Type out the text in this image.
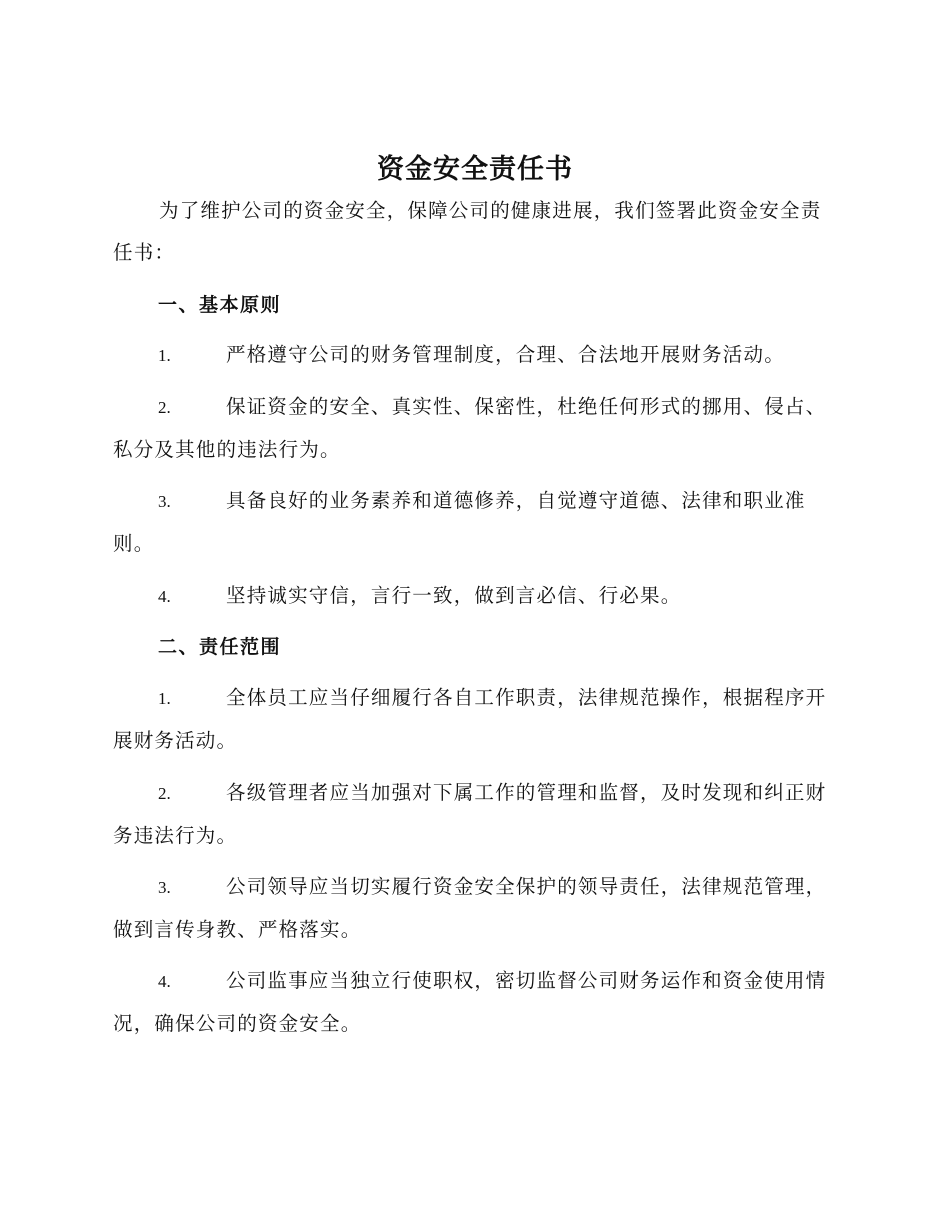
资金安全责任书

为了维护公司的资金安全，保障公司的健康进展，我们签署此资金安全责任书：

一、基本原则

1.	严格遵守公司的财务管理制度，合理、合法地开展财务活动。

2.	保证资金的安全、真实性、保密性，杜绝任何形式的挪用、侵占、私分及其他的违法行为。

3.	具备良好的业务素养和道德修养，自觉遵守道德、法律和职业准则。

4.	坚持诚实守信，言行一致，做到言必信、行必果。

二、责任范围

1.	全体员工应当仔细履行各自工作职责，法律规范操作，根据程序开展财务活动。

2.	各级管理者应当加强对下属工作的管理和监督，及时发现和纠正财务违法行为。

3.	公司领导应当切实履行资金安全保护的领导责任，法律规范管理，做到言传身教、严格落实。

4.	公司监事应当独立行使职权，密切监督公司财务运作和资金使用情况，确保公司的资金安全。
